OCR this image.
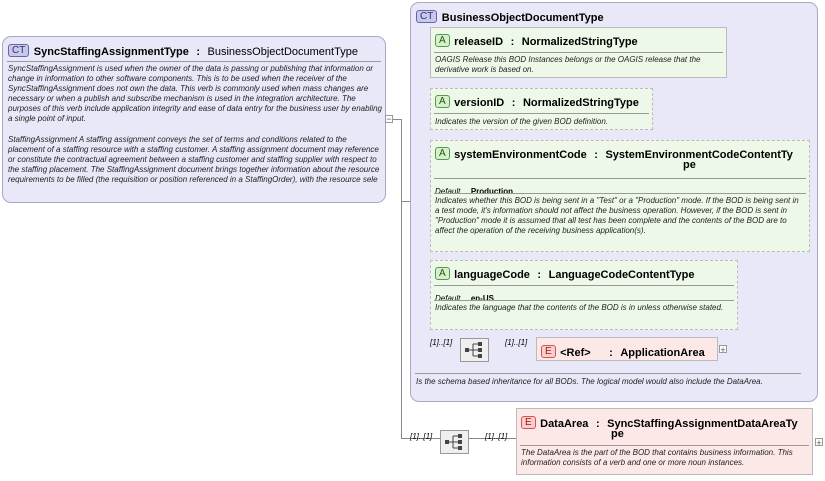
CT SyncStaffingAssignmentType  :  BusinessObjectDocumentType
SyncStaffingAssignment is used when the owner of the data is passing or publishing that information or change in information to other software components. This is to be used when the receiver of the SyncStaffingAssignment does not own the data. This verb is commonly used when mass changes are necessary or when a publish and subscribe mechanism is used in the integration architecture. The purposes of this verb include application integrity and ease of data entry for the business user by enabling a single point of input.
StaffingAssignment A staffing assignment conveys the set of terms and conditions related to the placement of a staffing resource with a staffing customer. A staffing assignment document may reference or constitute the contractual agreement between a staffing customer and staffing supplier with respect to the staffing placement. The StaffingAssignment document brings together information about the resource requirements to be filled (the requisition or position referenced in a StaffingOrder), with the resource sele
−
CT BusinessObjectDocumentType
Is the schema based inheritance for all BODs. The logical model would also include the DataArea.
A releaseID  :  NormalizedStringType
OAGIS Release this BOD Instances belongs or the OAGIS release that the derivative work is based on.
A versionID  :  NormalizedStringType
Indicates the version of the given BOD definition.
A systemEnvironmentCode  :  SystemEnvironmentCodeContentTy
pe
Default Production
Indicates whether this BOD is being sent in a "Test" or a "Production" mode. If the BOD is being sent in a test mode, it's information should not affect the business operation. However, if the BOD is sent in "Production" mode it is assumed that all test has been complete and the contents of the BOD are to affect the operation of the receiving business application(s).
A languageCode  :  LanguageCodeContentType
Default en-US
Indicates the language that the contents of the BOD is in unless otherwise stated.
[1]..[1]	[1]..[1]
E <Ref> :  ApplicationArea +
[1]..[1]	[1]..[1]
E DataArea  :  SyncStaffingAssignmentDataAreaTy
pe
The DataArea is the part of the BOD that contains business information. This information consists of a verb and one or more noun instances.
+
